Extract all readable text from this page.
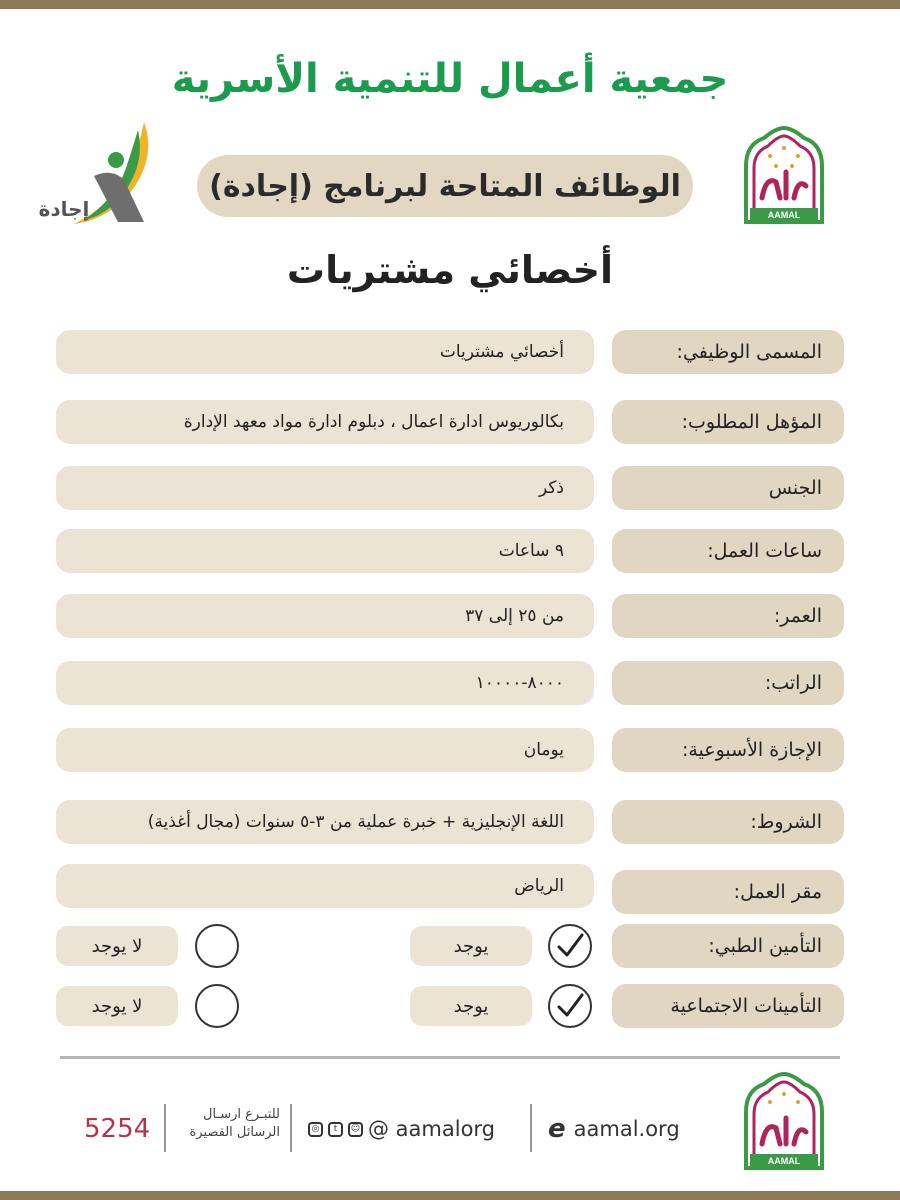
جمعية أعمال للتنمية الأسرية
AAMAL
إجادة
الوظائف المتاحة لبرنامج (إجادة)
أخصائي مشتريات
المسمى الوظيفي:
أخصائي مشتريات
المؤهل المطلوب:
بكالوريوس ادارة اعمال ، دبلوم ادارة مواد معهد الإدارة
الجنس
ذكر
ساعات العمل:
٩ ساعات
العمر:
من ٢٥ إلى ٣٧
الراتب:
٨٠٠٠-١٠٠٠٠
الإجازة الأسبوعية:
يومان
الشروط:
اللغة الإنجليزية + خبرة عملية من ٣-٥ سنوات (مجال أغذية)
مقر العمل:
الرياض
التأمين الطبي:
يوجد
لا يوجد
التأمينات الاجتماعية
يوجد
لا يوجد
AAMAL
e aamal.org
◎	t	☺ @ aamalorg
للتبـرع ارسـال
الرسائل القصيرة
5254
